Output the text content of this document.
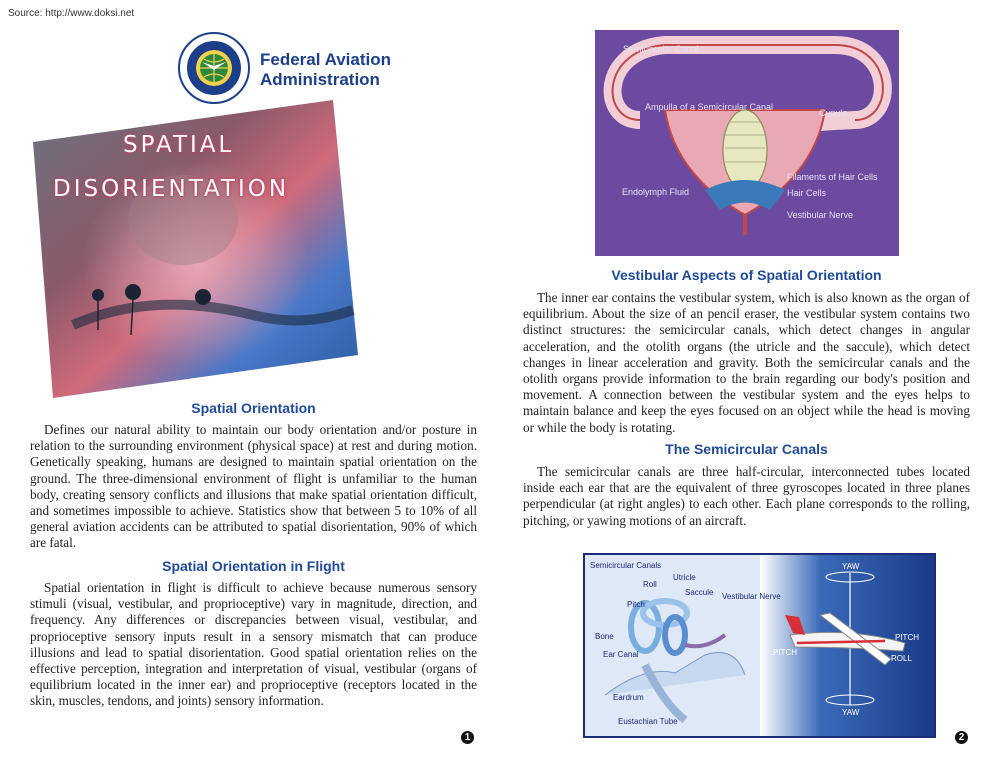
Source: http://www.doksi.net
Federal Aviation
Administration
SPATIAL
DISORIENTATION
Spatial Orientation

Defines our natural ability to maintain our body orientation and/or posture in relation to the surrounding environment (physical space) at rest and during motion. Genetically speaking, humans are designed to maintain spatial orientation on the ground. The three-dimensional environment of flight is unfamiliar to the human body, creating sensory conflicts and illusions that make spatial orientation difficult, and sometimes impossible to achieve. Statistics show that between 5 to 10% of all general aviation accidents can be attributed to spatial disorientation, 90% of which are fatal.

Spatial Orientation in Flight

Spatial orientation in flight is difficult to achieve because numerous sensory stimuli (visual, vestibular, and proprioceptive) vary in magnitude, direction, and frequency. Any differences or discrepancies between visual, vestibular, and proprioceptive sensory inputs result in a sensory mismatch that can produce illusions and lead to spatial disorientation. Good spatial orientation relies on the effective perception, integration and interpretation of visual, vestibular (organs of equilibrium located in the inner ear) and proprioceptive (receptors located in the skin, muscles, tendons, and joints) sensory information.

Semicircular Canal
Ampulla of a Semicircular Canal
Cupula
Endolymph Fluid
Filaments of Hair Cells
Hair Cells
Vestibular Nerve
Vestibular Aspects of Spatial Orientation

The inner ear contains the vestibular system, which is also known as the organ of equilibrium. About the size of an pencil eraser, the vestibular system contains two distinct structures: the semicircular canals, which detect changes in angular acceleration, and the otolith organs (the utricle and the saccule), which detect changes in linear acceleration and gravity. Both the semicircular canals and the otolith organs provide information to the brain regarding our body's position and movement. A connection between the vestibular system and the eyes helps to maintain balance and keep the eyes focused on an object while the head is moving or while the body is rotating.

The Semicircular Canals

The semicircular canals are three half-circular, interconnected tubes located inside each ear that are the equivalent of three gyroscopes located in three planes perpendicular (at right angles) to each other. Each plane corresponds to the rolling, pitching, or yawing motions of an aircraft.

Semicircular Canals
Utricle
Saccule Vestibular Nerve
Roll
Pitch
Bone
Ear Canal
Eardrum
Eustachian Tube
YAW
YAW
PITCH
PITCH
ROLL
1	2
